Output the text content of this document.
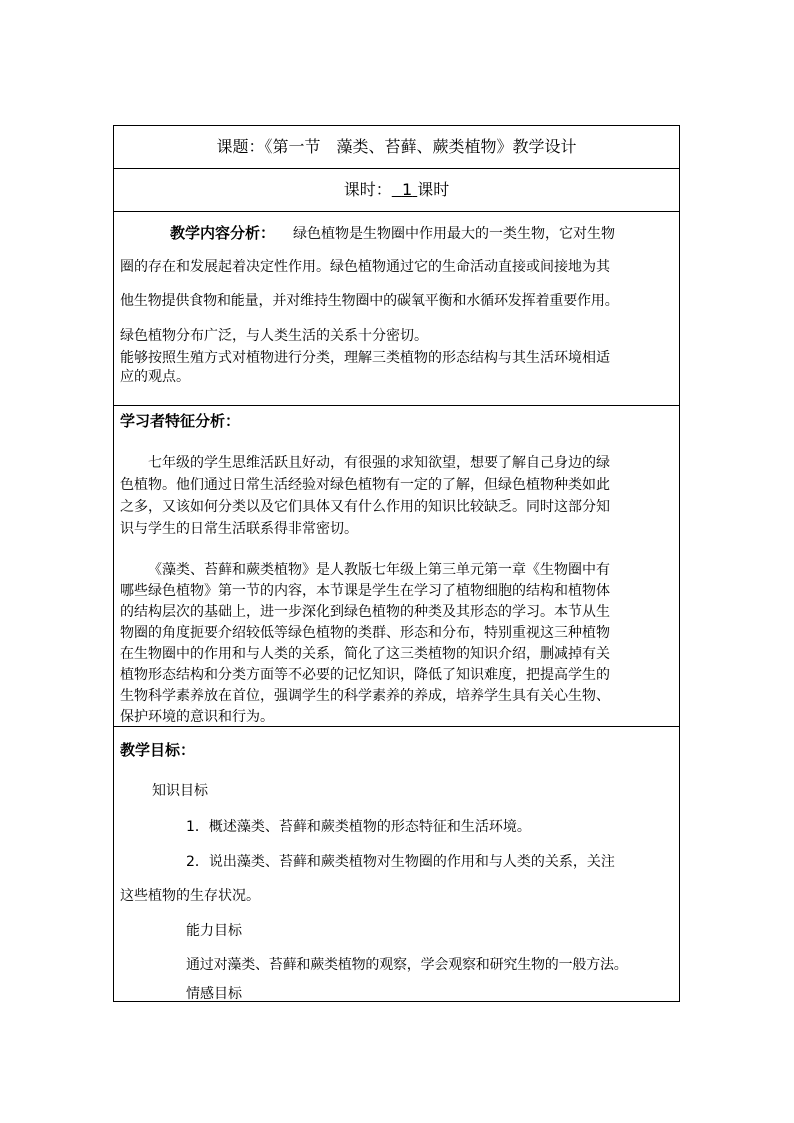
课题：《第一节　藻类、苔藓、蕨类植物》教学设计
课时： 1 课时
教学内容分析： 绿色植物是生物圈中作用最大的一类生物，它对生物
圈的存在和发展起着决定性作用。绿色植物通过它的生命活动直接或间接地为其
他生物提供食物和能量，并对维持生物圈中的碳氧平衡和水循环发挥着重要作用。
绿色植物分布广泛，与人类生活的关系十分密切。
能够按照生殖方式对植物进行分类，理解三类植物的形态结构与其生活环境相适
应的观点。
学习者特征分析：
七年级的学生思维活跃且好动，有很强的求知欲望，想要了解自己身边的绿
色植物。他们通过日常生活经验对绿色植物有一定的了解，但绿色植物种类如此
之多，又该如何分类以及它们具体又有什么作用的知识比较缺乏。同时这部分知
识与学生的日常生活联系得非常密切。
《藻类、苔藓和蕨类植物》是人教版七年级上第三单元第一章《生物圈中有
哪些绿色植物》第一节的内容，本节课是学生在学习了植物细胞的结构和植物体
的结构层次的基础上，进一步深化到绿色植物的种类及其形态的学习。本节从生
物圈的角度扼要介绍较低等绿色植物的类群、形态和分布，特别重视这三种植物
在生物圈中的作用和与人类的关系，简化了这三类植物的知识介绍，删减掉有关
植物形态结构和分类方面等不必要的记忆知识，降低了知识难度，把提高学生的
生物科学素养放在首位，强调学生的科学素养的养成，培养学生具有关心生物、
保护环境的意识和行为。
教学目标：
知识目标
1．概述藻类、苔藓和蕨类植物的形态特征和生活环境。
2．说出藻类、苔藓和蕨类植物对生物圈的作用和与人类的关系，关注
这些植物的生存状况。
能力目标
通过对藻类、苔藓和蕨类植物的观察，学会观察和研究生物的一般方法。
情感目标
